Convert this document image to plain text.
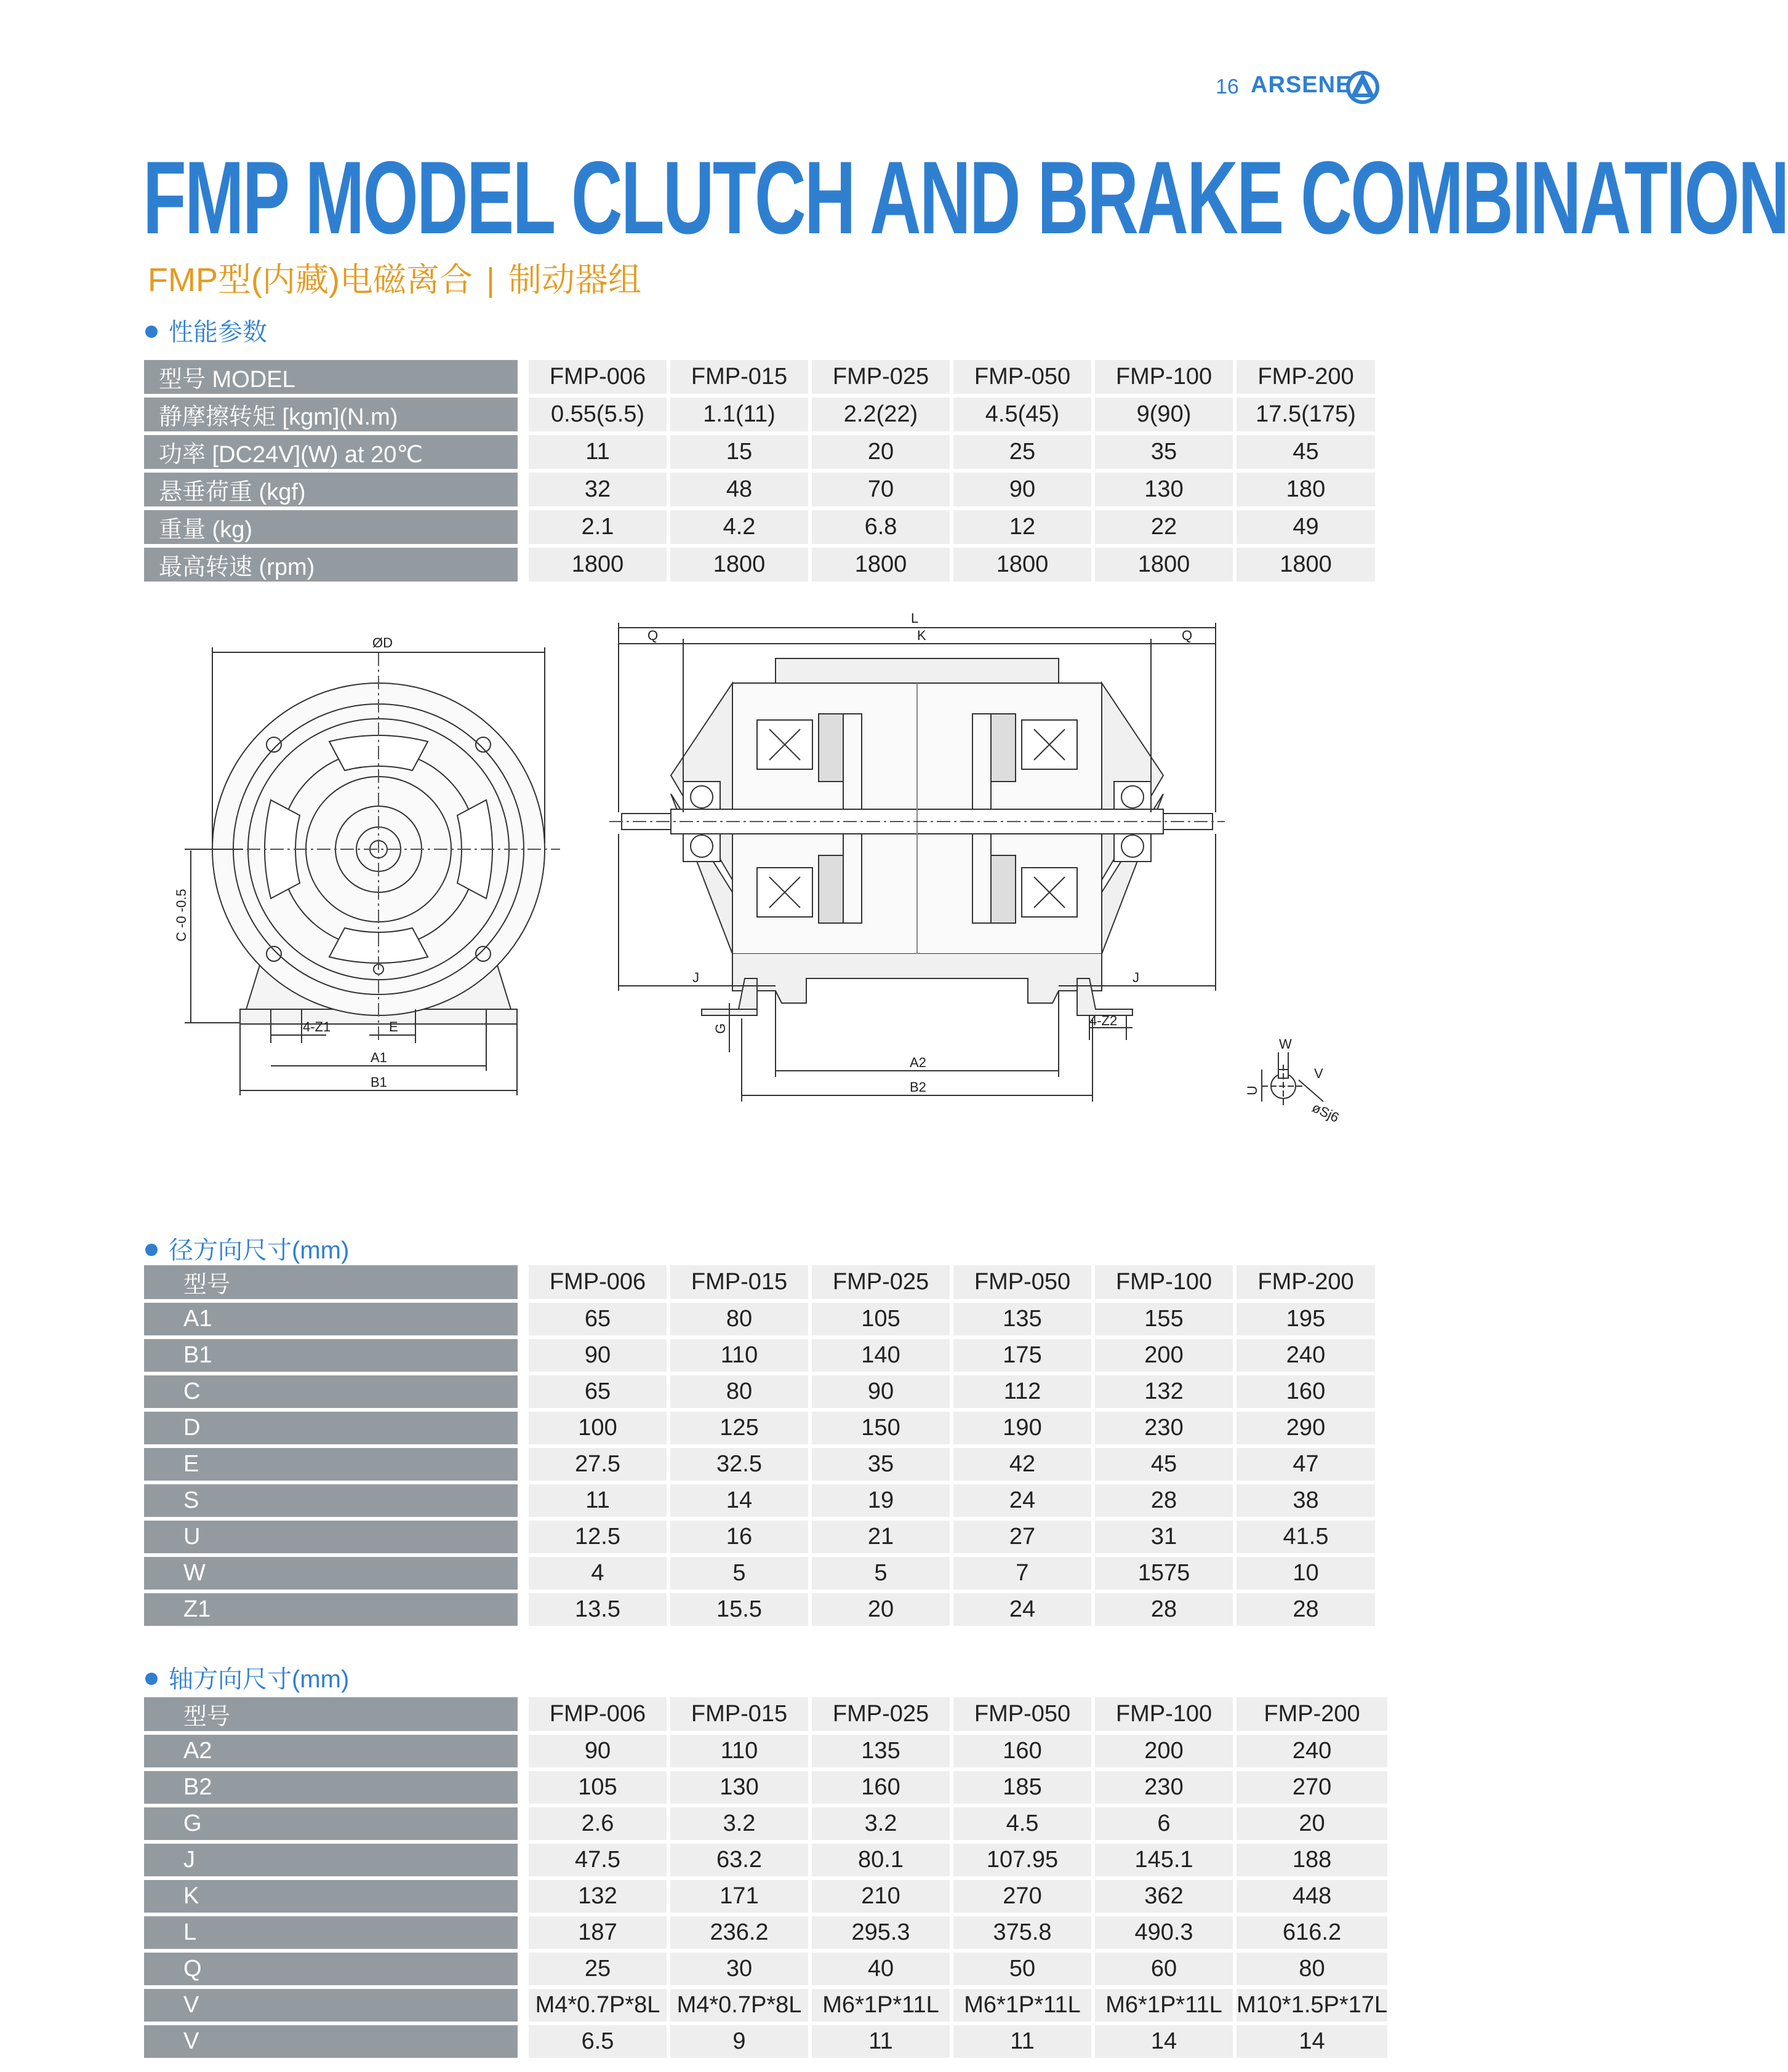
16 ARSENE
FMP MODEL CLUTCH AND BRAKE COMBINATION
FMP型(内藏)电磁离合 | 制动器组
性能参数
型号 MODEL	FMP-006	FMP-015	FMP-025	FMP-050	FMP-100	FMP-200
静摩擦转矩 [kgm](N.m)	0.55(5.5)	1.1(11)	2.2(22)	4.5(45)	9(90)	17.5(175)
功率 [DC24V](W) at 20℃	11	15	20	25	35	45
悬垂荷重 (kgf)	32	48	70	90	130	180
重量 (kg)	2.1	4.2	6.8	12	22	49
最高转速 (rpm)	1800	1800	1800	1800	1800	1800
ØD
C -0 -0.5
4-Z1	E
A1
B1
L
Q	K	Q
J	J
G
A2
B2
4-Z2
W
V
U
øSj6
径方向尺寸(mm)
型号	FMP-006	FMP-015	FMP-025	FMP-050	FMP-100	FMP-200
A1	65	80	105	135	155	195
B1	90	110	140	175	200	240
C	65	80	90	112	132	160
D	100	125	150	190	230	290
E	27.5	32.5	35	42	45	47
S	11	14	19	24	28	38
U	12.5	16	21	27	31	41.5
W	4	5	5	7	1575	10
Z1	13.5	15.5	20	24	28	28
轴方向尺寸(mm)
型号	FMP-006	FMP-015	FMP-025	FMP-050	FMP-100	FMP-200
A2	90	110	135	160	200	240
B2	105	130	160	185	230	270
G	2.6	3.2	3.2	4.5	6	20
J	47.5	63.2	80.1	107.95	145.1	188
K	132	171	210	270	362	448
L	187	236.2	295.3	375.8	490.3	616.2
Q	25	30	40	50	60	80
V	M4*0.7P*8L	M4*0.7P*8L	M6*1P*11L	M6*1P*11L	M6*1P*11L	M10*1.5P*17L
V	6.5	9	11	11	14	14
